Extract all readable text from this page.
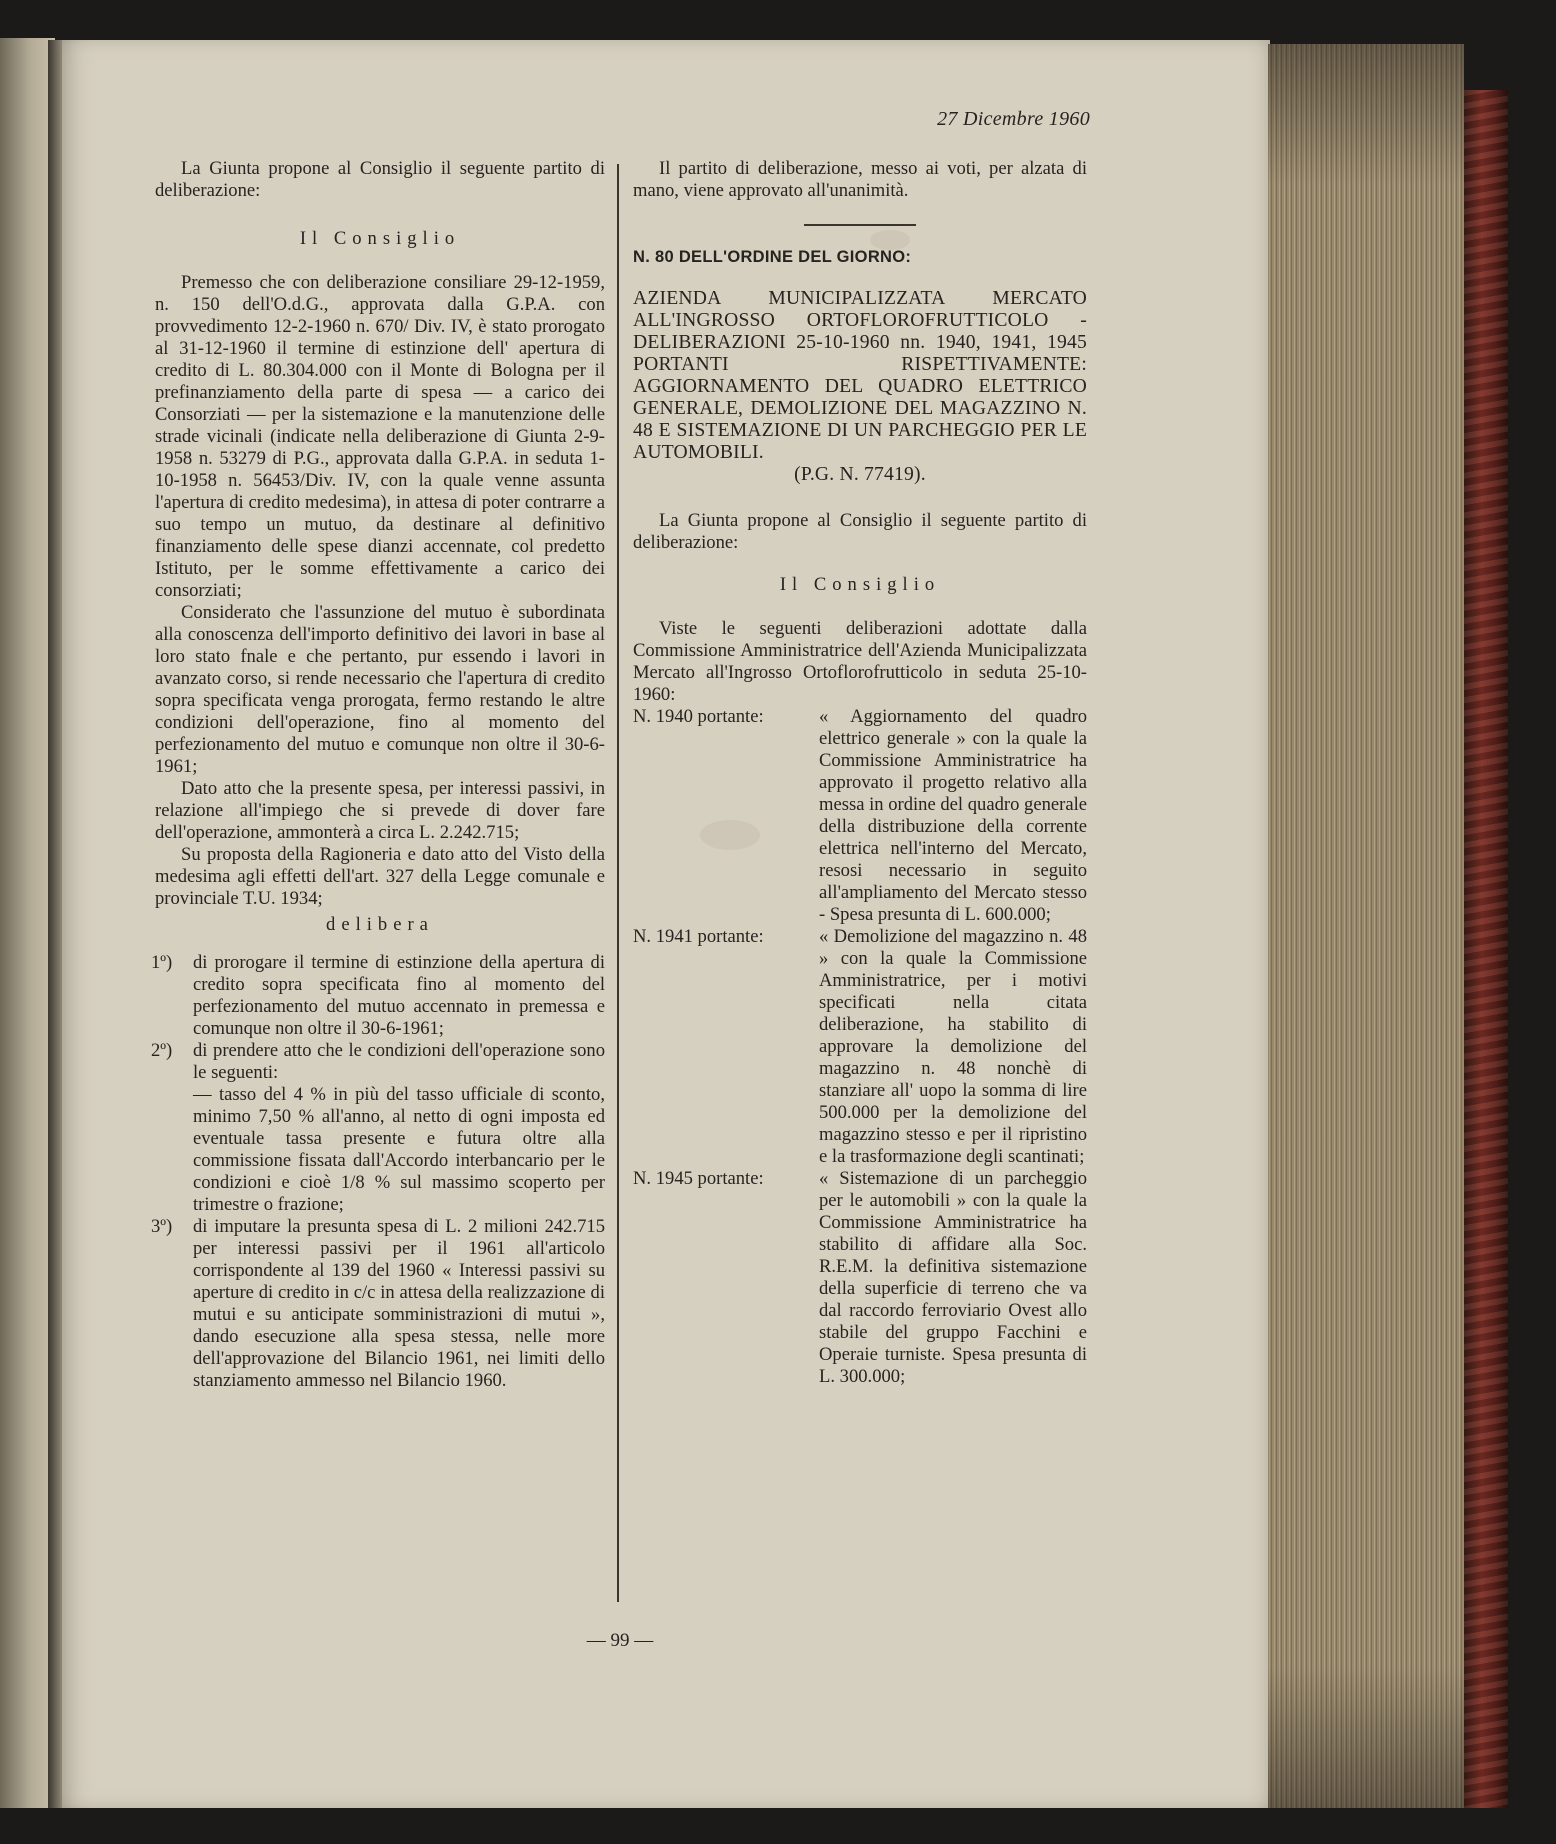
27 Dicembre 1960

La Giunta propone al Consiglio il seguente partito di deliberazione:

Il Consiglio

Premesso che con deliberazione consiliare 29-12-1959, n. 150 dell'O.d.G., approvata dalla G.P.A. con provvedimento 12-2-1960 n. 670/ Div. IV, è stato prorogato al 31-12-1960 il termine di estinzione dell' apertura di credito di L. 80.304.000 con il Monte di Bologna per il prefinanziamento della parte di spesa — a carico dei Consorziati — per la sistemazione e la manutenzione delle strade vicinali (indicate nella deliberazione di Giunta 2-9-1958 n. 53279 di P.G., approvata dalla G.P.A. in seduta 1-10-1958 n. 56453/Div. IV, con la quale venne assunta l'apertura di credito medesima), in attesa di poter contrarre a suo tempo un mutuo, da destinare al definitivo finanziamento delle spese dianzi accennate, col predetto Istituto, per le somme effettivamente a carico dei consorziati;

Considerato che l'assunzione del mutuo è subordinata alla conoscenza dell'importo definitivo dei lavori in base al loro stato fnale e che pertanto, pur essendo i lavori in avanzato corso, si rende necessario che l'apertura di credito sopra specificata venga prorogata, fermo restando le altre condizioni dell'operazione, fino al momento del perfezionamento del mutuo e comunque non oltre il 30-6-1961;

Dato atto che la presente spesa, per interessi passivi, in relazione all'impiego che si prevede di dover fare dell'operazione, ammonterà a circa L. 2.242.715;

Su proposta della Ragioneria e dato atto del Visto della medesima agli effetti dell'art. 327 della Legge comunale e provinciale T.U. 1934;

delibera
1º)	di prorogare il termine di estinzione della apertura di credito sopra specificata fino al momento del perfezionamento del mutuo accennato in premessa e comunque non oltre il 30-6-1961;
2º)	di prendere atto che le condizioni dell'operazione sono le seguenti:

— tasso del 4 % in più del tasso ufficiale di sconto, minimo 7,50 % all'anno, al netto di ogni imposta ed eventuale tassa presente e futura oltre alla commissione fissata dall'Accordo interbancario per le condizioni e cioè 1/8 % sul massimo scoperto per trimestre o frazione;

3º)	di imputare la presunta spesa di L. 2 milioni 242.715 per interessi passivi per il 1961 all'articolo corrispondente al 139 del 1960 « Interessi passivi su aperture di credito in c/c in attesa della realizzazione di mutui e su anticipate somministrazioni di mutui », dando esecuzione alla spesa stessa, nelle more dell'approvazione del Bilancio 1961, nei limiti dello stanziamento ammesso nel Bilancio 1960.

Il partito di deliberazione, messo ai voti, per alzata di mano, viene approvato all'unanimità.

N. 80 DELL'ORDINE DEL GIORNO:
AZIENDA MUNICIPALIZZATA MERCATO ALL'INGROSSO ORTOFLOROFRUTTICOLO - DELIBERAZIONI 25-10-1960 nn. 1940, 1941, 1945 PORTANTI RISPETTIVAMENTE: AGGIORNAMENTO DEL QUADRO ELETTRICO GENERALE, DEMOLIZIONE DEL MAGAZZINO N. 48 E SISTEMAZIONE DI UN PARCHEGGIO PER LE AUTOMOBILI.
(P.G. N. 77419).

La Giunta propone al Consiglio il seguente partito di deliberazione:

Il Consiglio

Viste le seguenti deliberazioni adottate dalla Commissione Amministratrice dell'Azienda Municipalizzata Mercato all'Ingrosso Ortoflorofrutticolo in seduta 25-10-1960:

N. 1940 portante:	« Aggiornamento del quadro elettrico generale » con la quale la Commissione Amministratrice ha approvato il progetto relativo alla messa in ordine del quadro generale della distribuzione della corrente elettrica nell'interno del Mercato, resosi necessario in seguito all'ampliamento del Mercato stesso - Spesa presunta di L. 600.000;
N. 1941 portante:	« Demolizione del magazzino n. 48 » con la quale la Commissione Amministratrice, per i motivi specificati nella citata deliberazione, ha stabilito di approvare la demolizione del magazzino n. 48 nonchè di stanziare all' uopo la somma di lire 500.000 per la demolizione del magazzino stesso e per il ripristino e la trasformazione degli scantinati;
N. 1945 portante:	« Sistemazione di un parcheggio per le automobili » con la quale la Commissione Amministratrice ha stabilito di affidare alla Soc. R.E.M. la definitiva sistemazione della superficie di terreno che va dal raccordo ferroviario Ovest allo stabile del gruppo Facchini e Operaie turniste. Spesa presunta di L. 300.000;
— 99 —
